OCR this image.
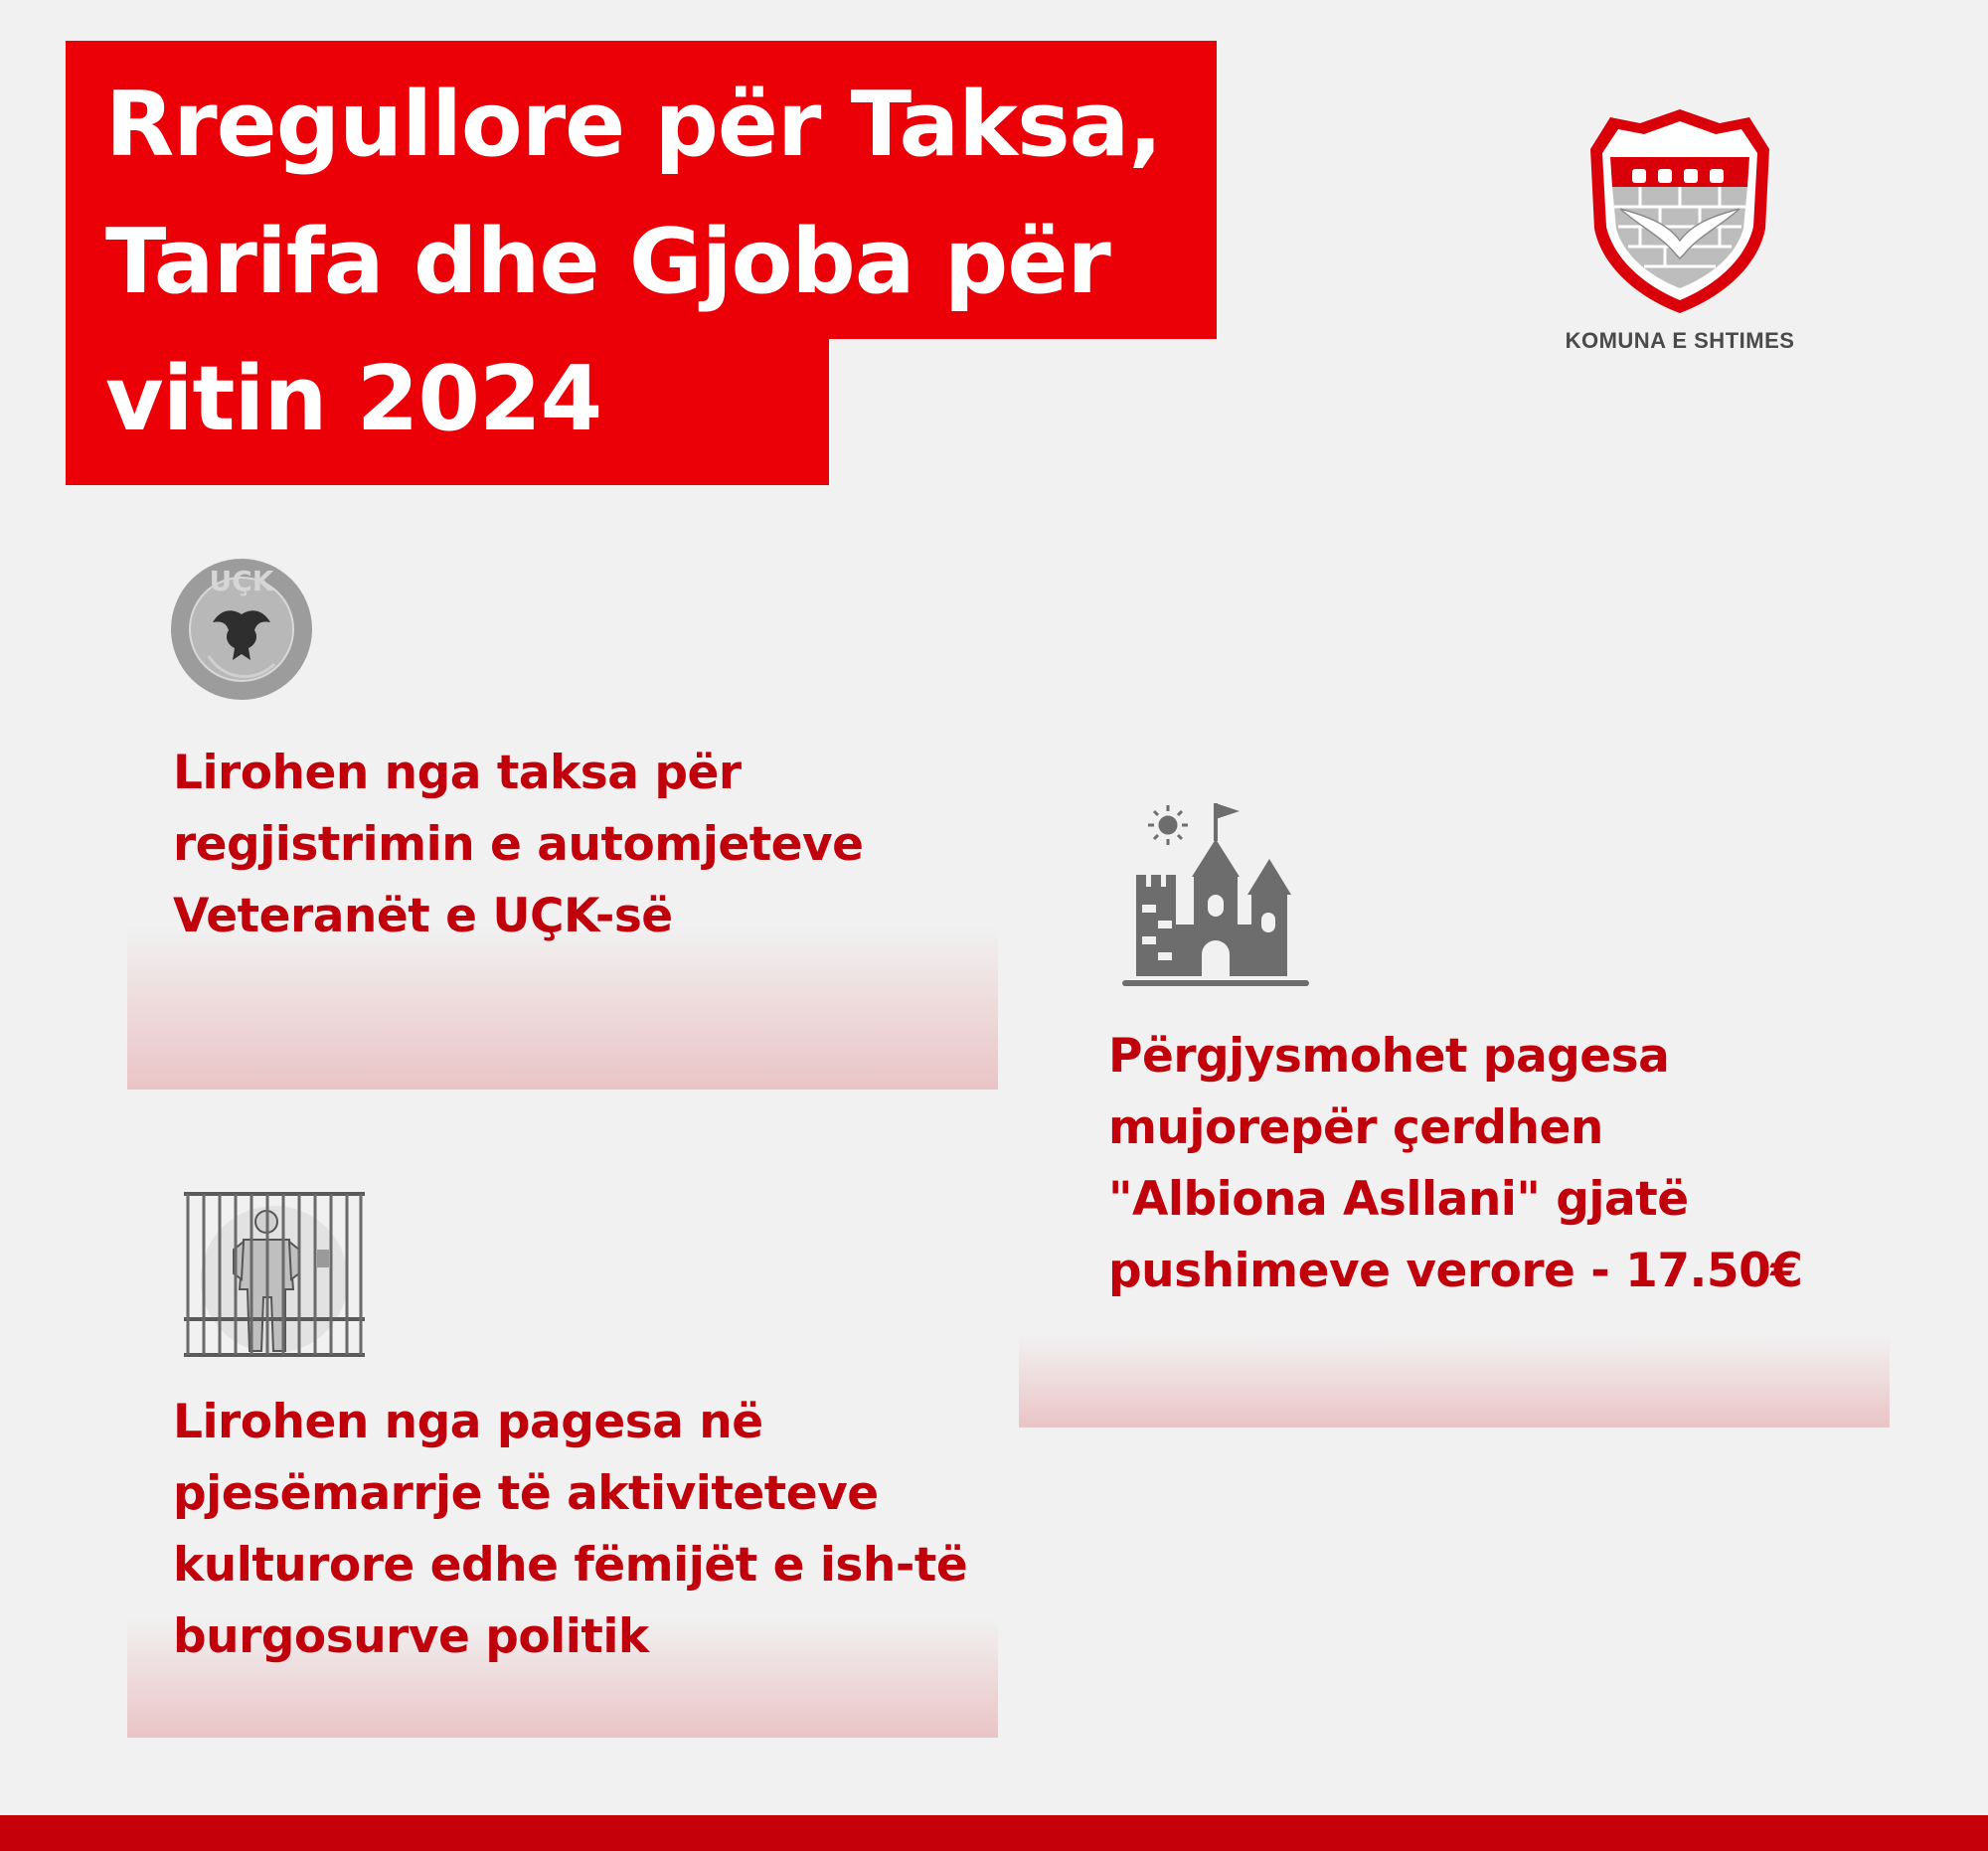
Rregullore për Taksa,
Tarifa dhe Gjoba për
vitin 2024
KOMUNA E SHTIMES
UÇK
Lirohen nga taksa për
regjistrimin e automjeteve
Veteranët e UÇK-së
Përgjysmohet pagesa
mujorepër çerdhen
"Albiona Asllani" gjatë
pushimeve verore - 17.50€
Lirohen nga pagesa në
pjesëmarrje të aktiviteteve
kulturore edhe fëmijët e ish-të
burgosurve politik
